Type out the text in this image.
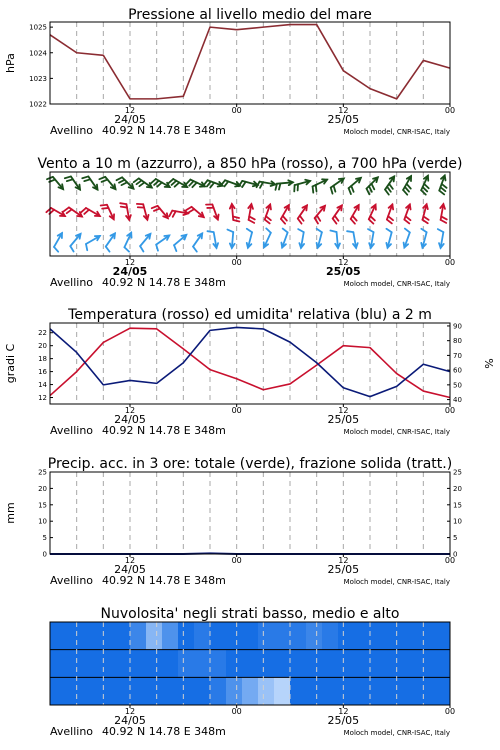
Pressione al livello medio del mare
1022
1023
1024
1025
hPa
12	00	12	00
24/05	25/05
Avellino 40.92 N 14.78 E 348m	Moloch model, CNR-ISAC, Italy
Vento a 10 m (azzurro), a 850 hPa (rosso), a 700 hPa (verde)
12	00	12	00
24/05	25/05
Avellino 40.92 N 14.78 E 348m	Moloch model, CNR-ISAC, Italy
Temperatura (rosso) ed umidita' relativa (blu) a 2 m
12
14
16
18
20
22
40
50
60
70
80
90
gradi C	%
12	00	12	00
24/05	25/05
Avellino 40.92 N 14.78 E 348m	Moloch model, CNR-ISAC, Italy
Precip. acc. in 3 ore: totale (verde), frazione solida (tratt.)
0
5
10
15
20
25
0
5
10
15
20
25
mm
12	00	12	00
24/05	25/05
Avellino 40.92 N 14.78 E 348m	Moloch model, CNR-ISAC, Italy
Nuvolosita' negli strati basso, medio e alto
12	00	12	00
24/05	25/05
Avellino 40.92 N 14.78 E 348m	Moloch model, CNR-ISAC, Italy
